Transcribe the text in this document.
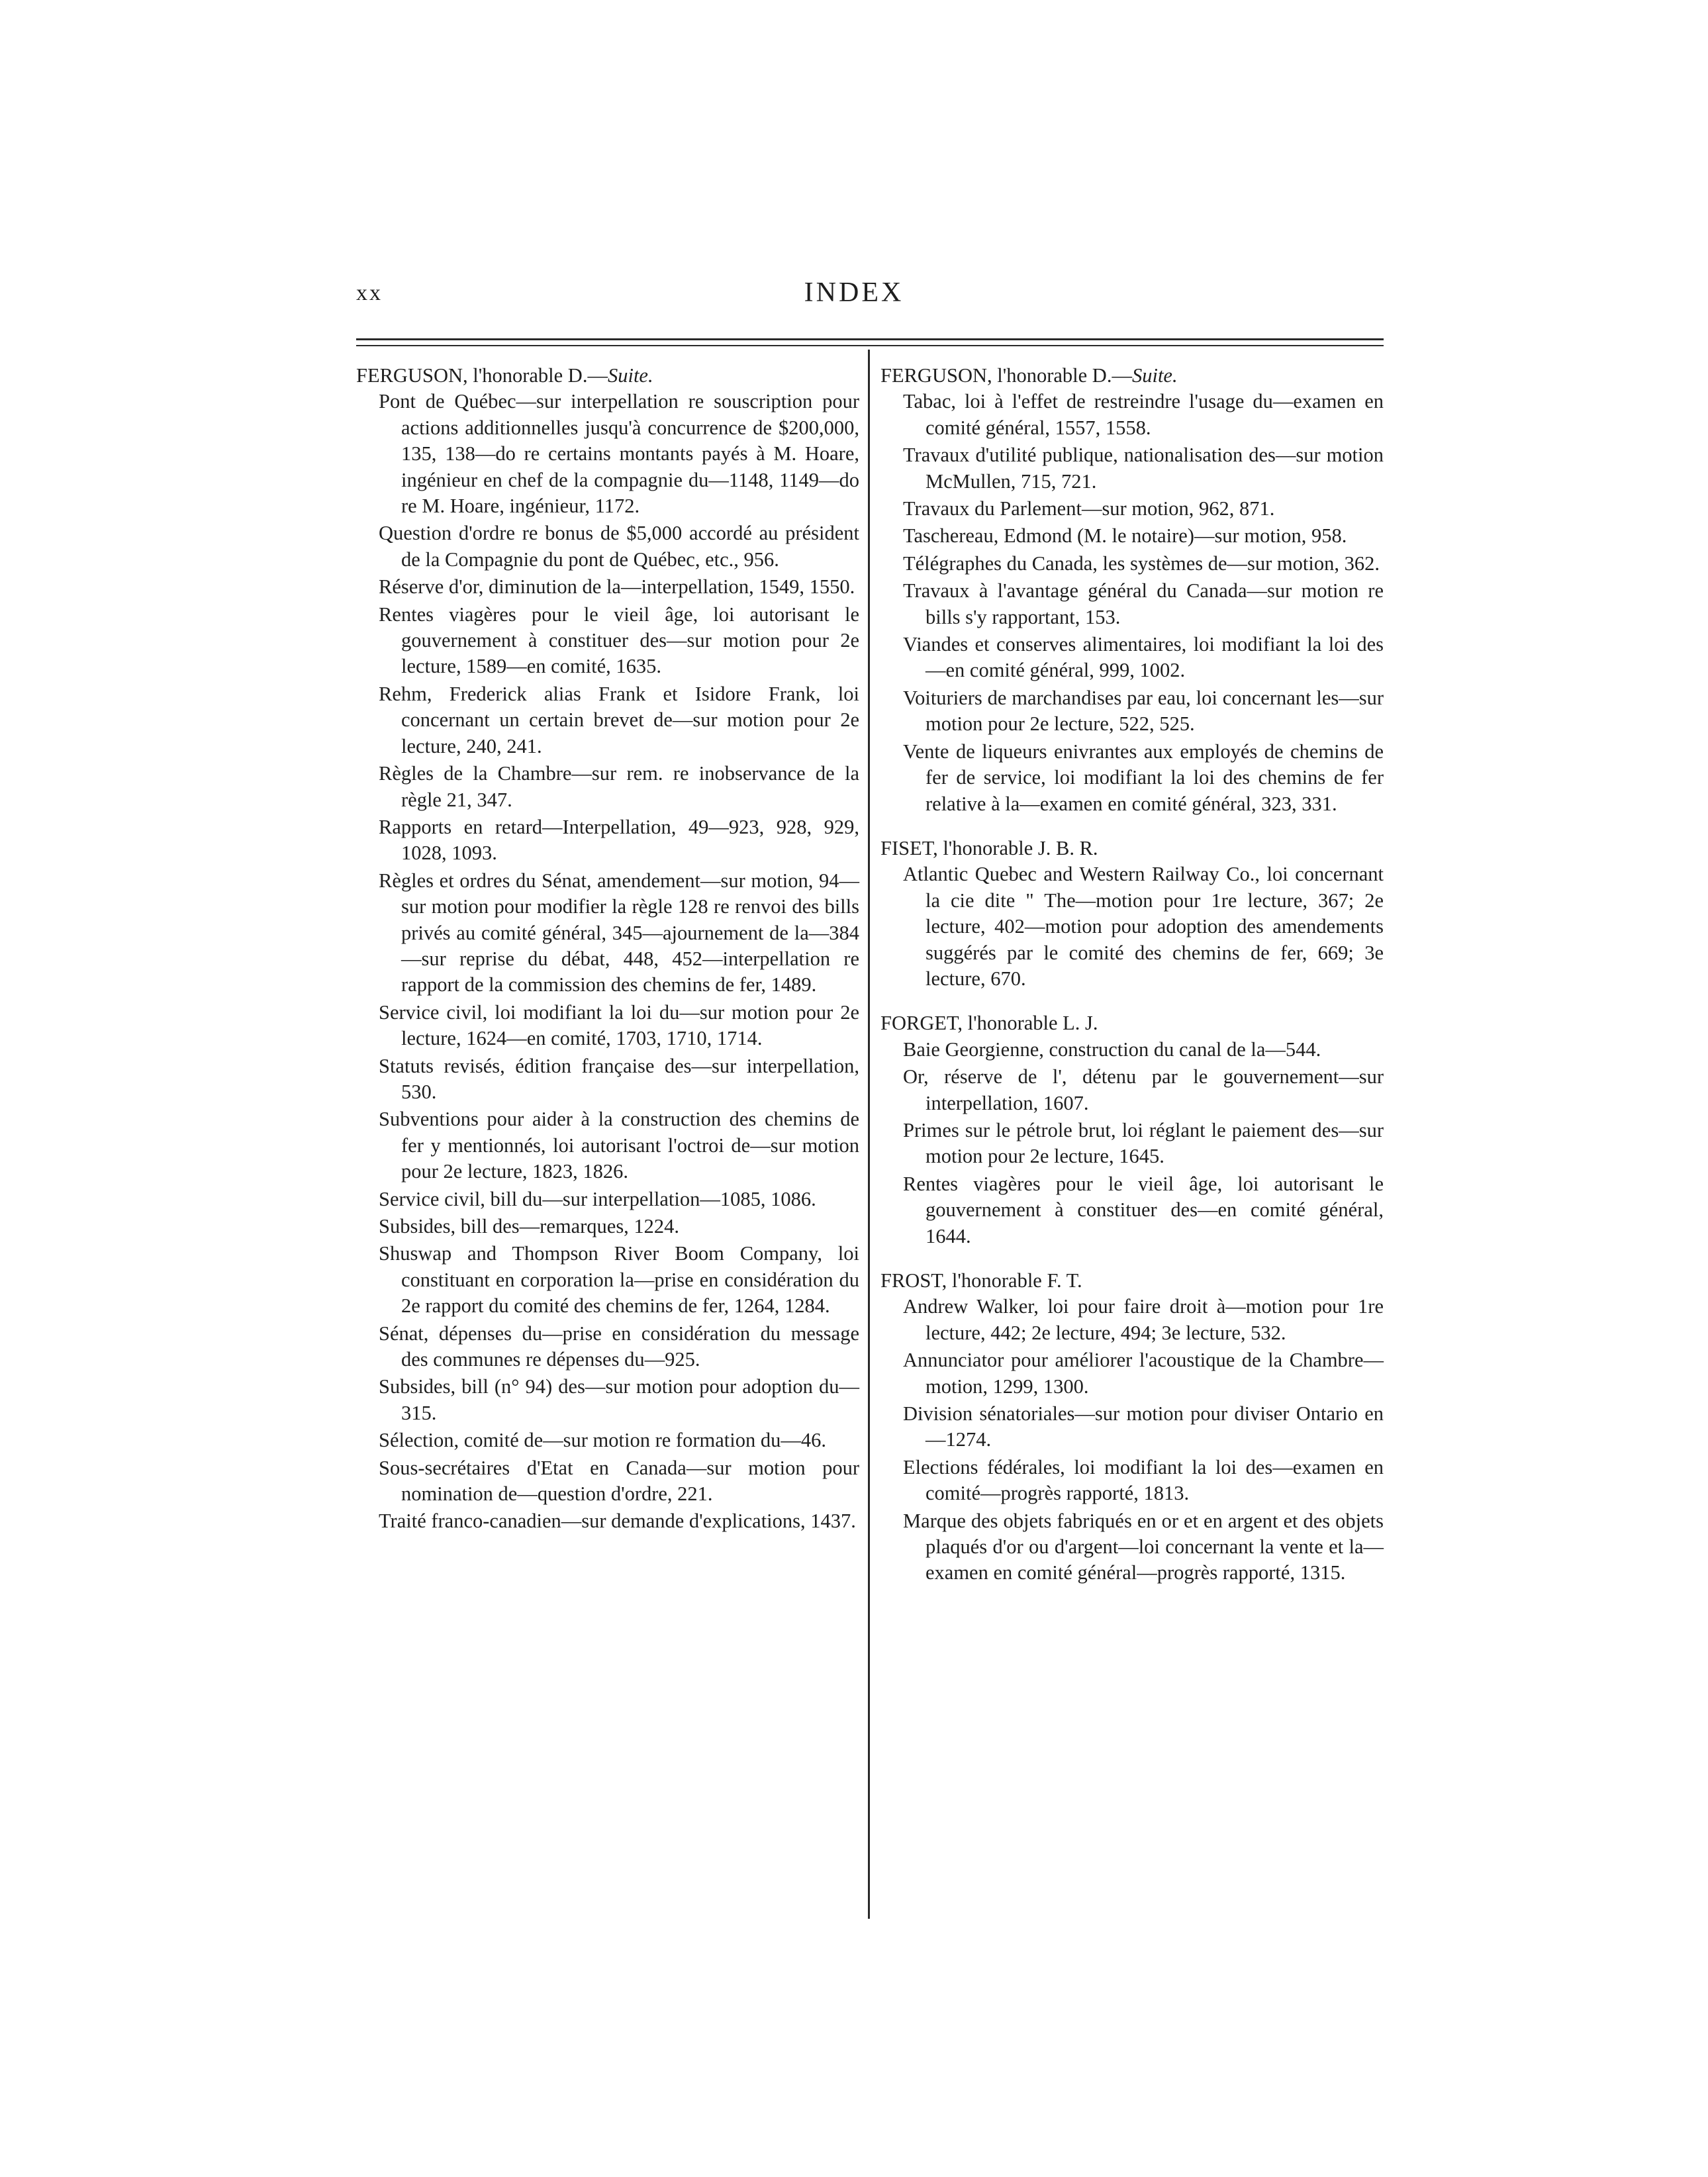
xx	INDEX
FERGUSON, l'honorable D.—Suite.
Pont de Québec—sur interpellation re souscription pour actions additionnelles jusqu'à concurrence de $200,000, 135, 138—do re certains montants payés à M. Hoare, ingénieur en chef de la compagnie du—1148, 1149—do re M. Hoare, ingénieur, 1172.
Question d'ordre re bonus de $5,000 accordé au président de la Compagnie du pont de Québec, etc., 956.
Réserve d'or, diminution de la—interpellation, 1549, 1550.
Rentes viagères pour le vieil âge, loi autorisant le gouvernement à constituer des—sur motion pour 2e lecture, 1589—en comité, 1635.
Rehm, Frederick alias Frank et Isidore Frank, loi concernant un certain brevet de—sur motion pour 2e lecture, 240, 241.
Règles de la Chambre—sur rem. re inobservance de la règle 21, 347.
Rapports en retard—Interpellation, 49—923, 928, 929, 1028, 1093.
Règles et ordres du Sénat, amendement—sur motion, 94—sur motion pour modifier la règle 128 re renvoi des bills privés au comité général, 345—ajournement de la—384—sur reprise du débat, 448, 452—interpellation re rapport de la commission des chemins de fer, 1489.
Service civil, loi modifiant la loi du—sur motion pour 2e lecture, 1624—en comité, 1703, 1710, 1714.
Statuts revisés, édition française des—sur interpellation, 530.
Subventions pour aider à la construction des chemins de fer y mentionnés, loi autorisant l'octroi de—sur motion pour 2e lecture, 1823, 1826.
Service civil, bill du—sur interpellation—1085, 1086.
Subsides, bill des—remarques, 1224.
Shuswap and Thompson River Boom Company, loi constituant en corporation la—prise en considération du 2e rapport du comité des chemins de fer, 1264, 1284.
Sénat, dépenses du—prise en considération du message des communes re dépenses du—925.
Subsides, bill (n° 94) des—sur motion pour adoption du—315.
Sélection, comité de—sur motion re formation du—46.
Sous-secrétaires d'Etat en Canada—sur motion pour nomination de—question d'ordre, 221.
Traité franco-canadien—sur demande d'explications, 1437.
FERGUSON, l'honorable D.—Suite.
Tabac, loi à l'effet de restreindre l'usage du—examen en comité général, 1557, 1558.
Travaux d'utilité publique, nationalisation des—sur motion McMullen, 715, 721.
Travaux du Parlement—sur motion, 962, 871.
Taschereau, Edmond (M. le notaire)—sur motion, 958.
Télégraphes du Canada, les systèmes de—sur motion, 362.
Travaux à l'avantage général du Canada—sur motion re bills s'y rapportant, 153.
Viandes et conserves alimentaires, loi modifiant la loi des—en comité général, 999, 1002.
Voituriers de marchandises par eau, loi concernant les—sur motion pour 2e lecture, 522, 525.
Vente de liqueurs enivrantes aux employés de chemins de fer de service, loi modifiant la loi des chemins de fer relative à la—examen en comité général, 323, 331.
FISET, l'honorable J. B. R.
Atlantic Quebec and Western Railway Co., loi concernant la cie dite " The—motion pour 1re lecture, 367; 2e lecture, 402—motion pour adoption des amendements suggérés par le comité des chemins de fer, 669; 3e lecture, 670.
FORGET, l'honorable L. J.
Baie Georgienne, construction du canal de la—544.
Or, réserve de l', détenu par le gouvernement—sur interpellation, 1607.
Primes sur le pétrole brut, loi réglant le paiement des—sur motion pour 2e lecture, 1645.
Rentes viagères pour le vieil âge, loi autorisant le gouvernement à constituer des—en comité général, 1644.
FROST, l'honorable F. T.
Andrew Walker, loi pour faire droit à—motion pour 1re lecture, 442; 2e lecture, 494; 3e lecture, 532.
Annunciator pour améliorer l'acoustique de la Chambre—motion, 1299, 1300.
Division sénatoriales—sur motion pour diviser Ontario en—1274.
Elections fédérales, loi modifiant la loi des—examen en comité—progrès rapporté, 1813.
Marque des objets fabriqués en or et en argent et des objets plaqués d'or ou d'argent—loi concernant la vente et la—examen en comité général—progrès rapporté, 1315.
